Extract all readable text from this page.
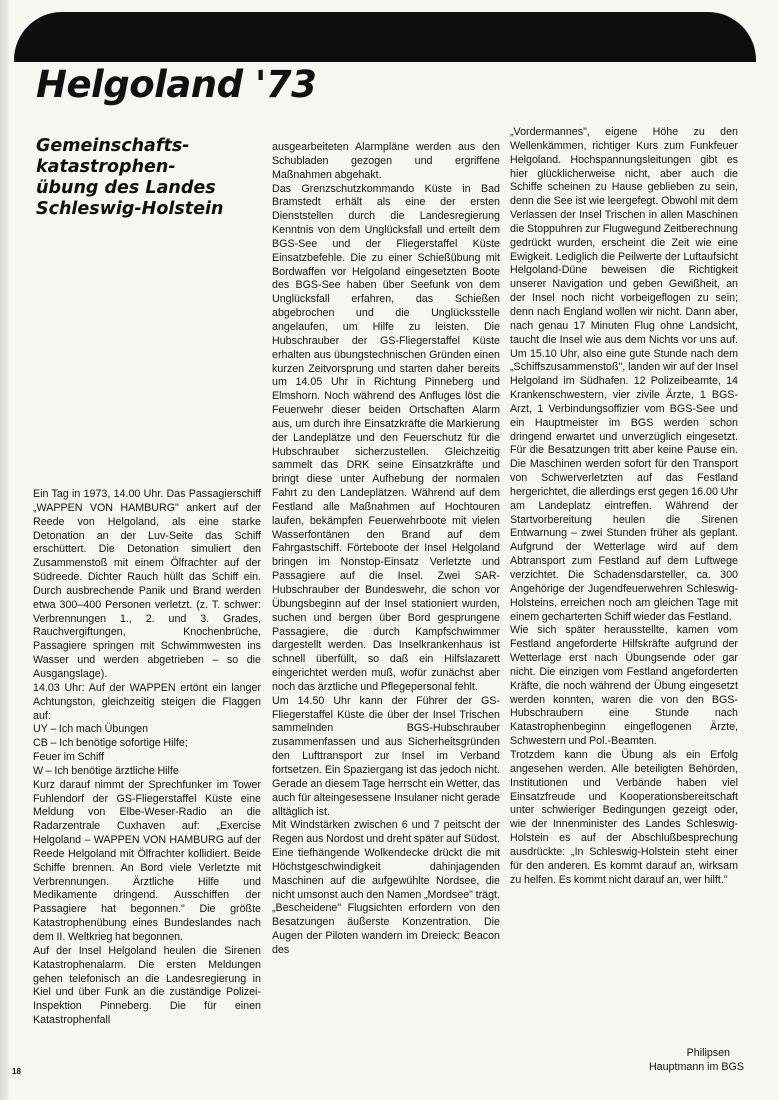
Helgoland '73
Gemeinschafts-
katastrophen-
übung des Landes
Schleswig-Holstein

Ein Tag in 1973, 14.00 Uhr. Das Passagierschiff „WAPPEN VON HAMBURG" ankert auf der Reede von Helgoland, als eine starke Detonation an der Luv-Seite das Schiff erschüttert. Die Detonation simuliert den Zusammenstoß mit einem Ölfrachter auf der Südreede. Dichter Rauch hüllt das Schiff ein. Durch ausbrechende Panik und Brand werden etwa 300–400 Personen verletzt. (z. T. schwer: Verbrennungen 1., 2. und 3. Grades, Rauchvergiftungen, Knochenbrüche, Passagiere springen mit Schwimmwesten ins Wasser und werden abgetrieben – so die Ausgangslage).
14.03 Uhr: Auf der WAPPEN ertönt ein langer Achtungston, gleichzeitig steigen die Flaggen auf:
UY – Ich mach Übungen
CB – Ich benötige sofortige Hilfe;
Feuer im Schiff
W – Ich benötige ärztliche Hilfe
Kurz darauf nimmt der Sprechfunker im Tower Fuhlendorf der GS-Fliegerstaffel Küste eine Meldung von Elbe-Weser-Radio an die Radarzentrale Cuxhaven auf: „Exercise Helgoland – WAPPEN VON HAMBURG auf der Reede Helgoland mit Ölfrachter kollidiert. Beide Schiffe brennen. An Bord viele Verletzte mit Verbrennungen. Ärztliche Hilfe und Medikamente dringend. Ausschiffen der Passagiere hat begonnen." Die größte Katastrophenübung eines Bundeslandes nach dem II. Weltkrieg hat begonnen.
Auf der Insel Helgoland heulen die Sirenen Katastrophenalarm. Die ersten Meldungen gehen telefonisch an die Landesregierung in Kiel und über Funk an die zuständige Polizei-Inspektion Pinneberg. Die für einen Katastrophenfall

ausgearbeiteten Alarmpläne werden aus den Schubladen gezogen und ergriffene Maßnahmen abgehakt.
Das Grenzschutzkommando Küste in Bad Bramstedt erhält als eine der ersten Dienststellen durch die Landesregierung Kenntnis von dem Unglücksfall und erteilt dem BGS-See und der Fliegerstaffel Küste Einsatzbefehle. Die zu einer Schießübung mit Bordwaffen vor Helgoland eingesetzten Boote des BGS-See haben über Seefunk von dem Unglücksfall erfahren, das Schießen abgebrochen und die Unglücksstelle angelaufen, um Hilfe zu leisten. Die Hubschrauber der GS-Fliegerstaffel Küste erhalten aus übungstechnischen Gründen einen kurzen Zeitvorsprung und starten daher bereits um 14.05 Uhr in Richtung Pinneberg und Elmshorn. Noch während des Anfluges löst die Feuerwehr dieser beiden Ortschaften Alarm aus, um durch ihre Einsatzkräfte die Markierung der Landeplätze und den Feuerschutz für die Hubschrauber sicherzustellen. Gleichzeitig sammelt das DRK seine Einsatzkräfte und bringt diese unter Aufhebung der normalen Fahrt zu den Landeplätzen. Während auf dem Festland alle Maßnahmen auf Hochtouren laufen, bekämpfen Feuerwehrboote mit vielen Wasserfontänen den Brand auf dem Fahrgastschiff. Förteboote der Insel Helgoland bringen im Nonstop-Einsatz Verletzte und Passagiere auf die Insel. Zwei SAR-Hubschrauber der Bundeswehr, die schon vor Übungsbeginn auf der Insel stationiert wurden, suchen und bergen über Bord gesprungene Passagiere, die durch Kampfschwimmer dargestellt werden. Das Inselkrankenhaus ist schnell überfüllt, so daß ein Hilfslazarett eingerichtet werden muß, wofür zunächst aber noch das ärztliche und Pflegepersonal fehlt.
Um 14.50 Uhr kann der Führer der GS-Fliegerstaffel Küste die über der Insel Trischen sammelnden BGS-Hubschrauber zusammenfassen und aus Sicherheitsgründen den Lufttransport zur Insel im Verband fortsetzen. Ein Spaziergang ist das jedoch nicht. Gerade an diesem Tage herrscht ein Wetter, das auch für alteingesessene Insulaner nicht gerade alltäglich ist.
Mit Windstärken zwischen 6 und 7 peitscht der Regen aus Nordost und dreht später auf Südost. Eine tiefhängende Wolkendecke drückt die mit Höchstgeschwindigkeit dahinjagenden Maschinen auf die aufgewühlte Nordsee, die nicht umsonst auch den Namen „Mordsee" trägt. „Bescheidene" Flugsichten erfordern von den Besatzungen äußerste Konzentration. Die Augen der Piloten wandern im Dreieck: Beacon des

„Vordermannes", eigene Höhe zu den Wellenkämmen, richtiger Kurs zum Funkfeuer Helgoland. Hochspannungsleitungen gibt es hier glücklicherweise nicht, aber auch die Schiffe scheinen zu Hause geblieben zu sein, denn die See ist wie leergefegt. Obwohl mit dem Verlassen der Insel Trischen in allen Maschinen die Stoppuhren zur Flugwegund Zeitberechnung gedrückt wurden, erscheint die Zeit wie eine Ewigkeit. Lediglich die Peilwerte der Luftaufsicht Helgoland-Düne beweisen die Richtigkeit unserer Navigation und geben Gewißheit, an der Insel noch nicht vorbeigeflogen zu sein; denn nach England wollen wir nicht. Dann aber, nach genau 17 Minuten Flug ohne Landsicht, taucht die Insel wie aus dem Nichts vor uns auf. Um 15.10 Uhr, also eine gute Stunde nach dem „Schiffszusammenstoß", landen wir auf der Insel Helgoland im Südhafen. 12 Polizeibeamte, 14 Krankenschwestern, vier zivile Ärzte, 1 BGS-Arzt, 1 Verbindungsoffizier vom BGS-See und ein Hauptmeister im BGS werden schon dringend erwartet und unverzüglich eingesetzt. Für die Besatzungen tritt aber keine Pause ein. Die Maschinen werden sofort für den Transport von Schwerverletzten auf das Festland hergerichtet, die allerdings erst gegen 16.00 Uhr am Landeplatz eintreffen. Während der Startvorbereitung heulen die Sirenen Entwarnung – zwei Stunden früher als geplant. Aufgrund der Wetterlage wird auf dem Abtransport zum Festland auf dem Luftwege verzichtet. Die Schadensdarsteller, ca. 300 Angehörige der Jugendfeuerwehren Schleswig-Holsteins, erreichen noch am gleichen Tage mit einem gecharterten Schiff wieder das Festland.
Wie sich später herausstellte, kamen vom Festland angeforderte Hilfskräfte aufgrund der Wetterlage erst nach Übungsende oder gar nicht. Die einzigen vom Festland angeforderten Kräfte, die noch während der Übung eingesetzt werden konnten, waren die von den BGS-Hubschraubern eine Stunde nach Katastrophenbeginn eingeflogenen Ärzte, Schwestern und Pol.-Beamten.
Trotzdem kann die Übung als ein Erfolg angesehen werden. Alle beteiligten Behörden, Institutionen und Verbände haben viel Einsatzfreude und Kooperationsbereitschaft unter schwieriger Bedingungen gezeigt oder, wie der Innenminister des Landes Schleswig-Holstein es auf der Abschlußbesprechung ausdrückte: „In Schleswig-Holstein steht einer für den anderen. Es kommt darauf an, wirksam zu helfen. Es kommt nicht darauf an, wer hilft."

Philipsen
Hauptmann im BGS
18
